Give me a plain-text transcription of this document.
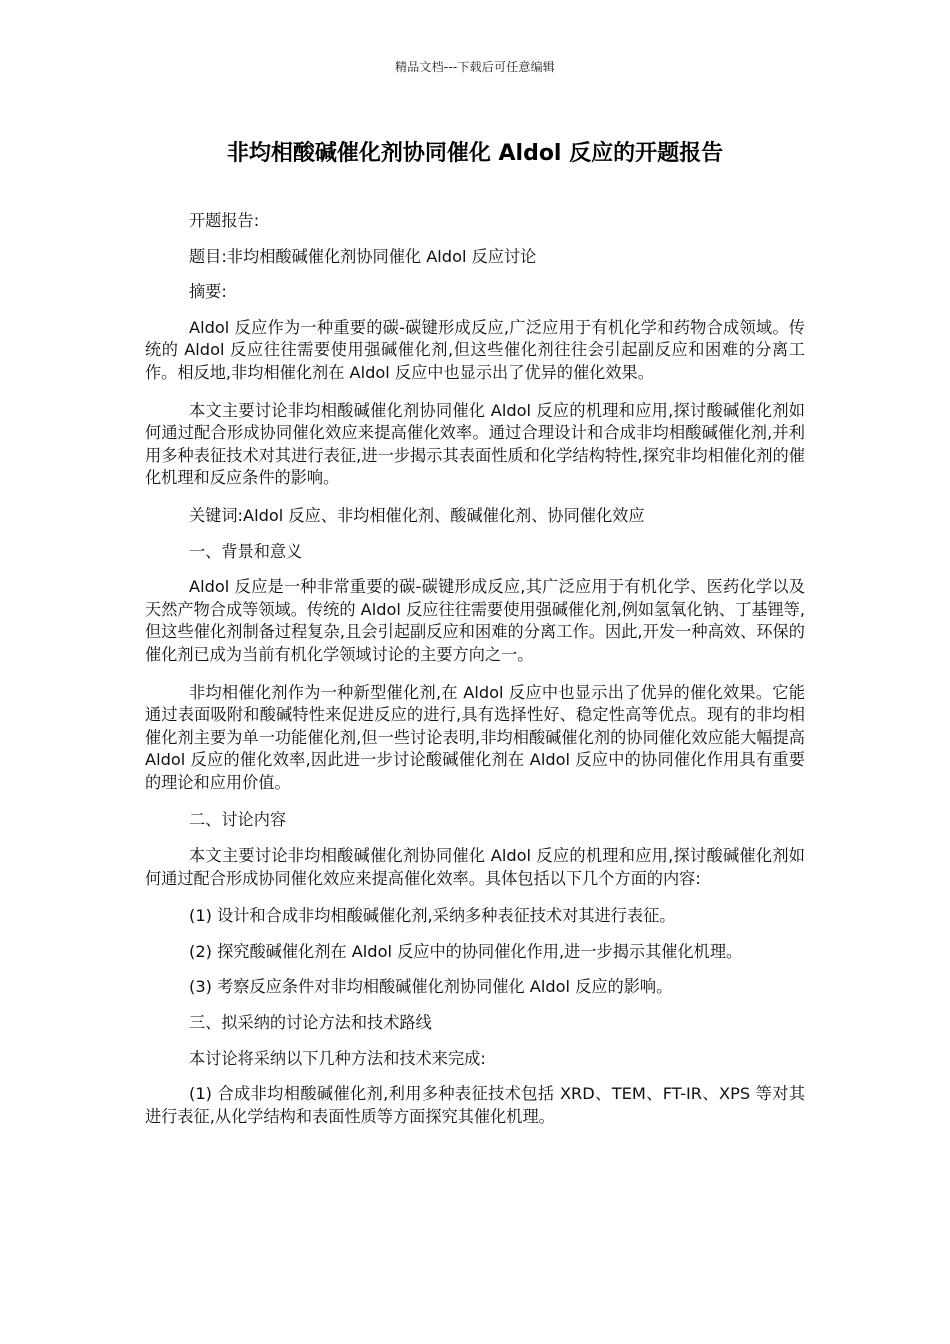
精品文档---下载后可任意编辑
非均相酸碱催化剂协同催化 Aldol 反应的开题报告

开题报告:

题目:非均相酸碱催化剂协同催化 Aldol 反应讨论

摘要:

Aldol 反应作为一种重要的碳-碳键形成反应,广泛应用于有机化学和药物合成领域。传统的 Aldol 反应往往需要使用强碱催化剂,但这些催化剂往往会引起副反应和困难的分离工作。相反地,非均相催化剂在 Aldol 反应中也显示出了优异的催化效果。

本文主要讨论非均相酸碱催化剂协同催化 Aldol 反应的机理和应用,探讨酸碱催化剂如何通过配合形成协同催化效应来提高催化效率。通过合理设计和合成非均相酸碱催化剂,并利用多种表征技术对其进行表征,进一步揭示其表面性质和化学结构特性,探究非均相催化剂的催化机理和反应条件的影响。

关键词:Aldol 反应、非均相催化剂、酸碱催化剂、协同催化效应

一、背景和意义

Aldol 反应是一种非常重要的碳-碳键形成反应,其广泛应用于有机化学、医药化学以及天然产物合成等领域。传统的 Aldol 反应往往需要使用强碱催化剂,例如氢氧化钠、丁基锂等,但这些催化剂制备过程复杂,且会引起副反应和困难的分离工作。因此,开发一种高效、环保的催化剂已成为当前有机化学领域讨论的主要方向之一。

非均相催化剂作为一种新型催化剂,在 Aldol 反应中也显示出了优异的催化效果。它能通过表面吸附和酸碱特性来促进反应的进行,具有选择性好、稳定性高等优点。现有的非均相催化剂主要为单一功能催化剂,但一些讨论表明,非均相酸碱催化剂的协同催化效应能大幅提高 Aldol 反应的催化效率,因此进一步讨论酸碱催化剂在 Aldol 反应中的协同催化作用具有重要的理论和应用价值。

二、讨论内容

本文主要讨论非均相酸碱催化剂协同催化 Aldol 反应的机理和应用,探讨酸碱催化剂如何通过配合形成协同催化效应来提高催化效率。具体包括以下几个方面的内容:

(1) 设计和合成非均相酸碱催化剂,采纳多种表征技术对其进行表征。

(2) 探究酸碱催化剂在 Aldol 反应中的协同催化作用,进一步揭示其催化机理。

(3) 考察反应条件对非均相酸碱催化剂协同催化 Aldol 反应的影响。

三、拟采纳的讨论方法和技术路线

本讨论将采纳以下几种方法和技术来完成:

(1) 合成非均相酸碱催化剂,利用多种表征技术包括 XRD、TEM、FT-IR、XPS 等对其进行表征,从化学结构和表面性质等方面探究其催化机理。
